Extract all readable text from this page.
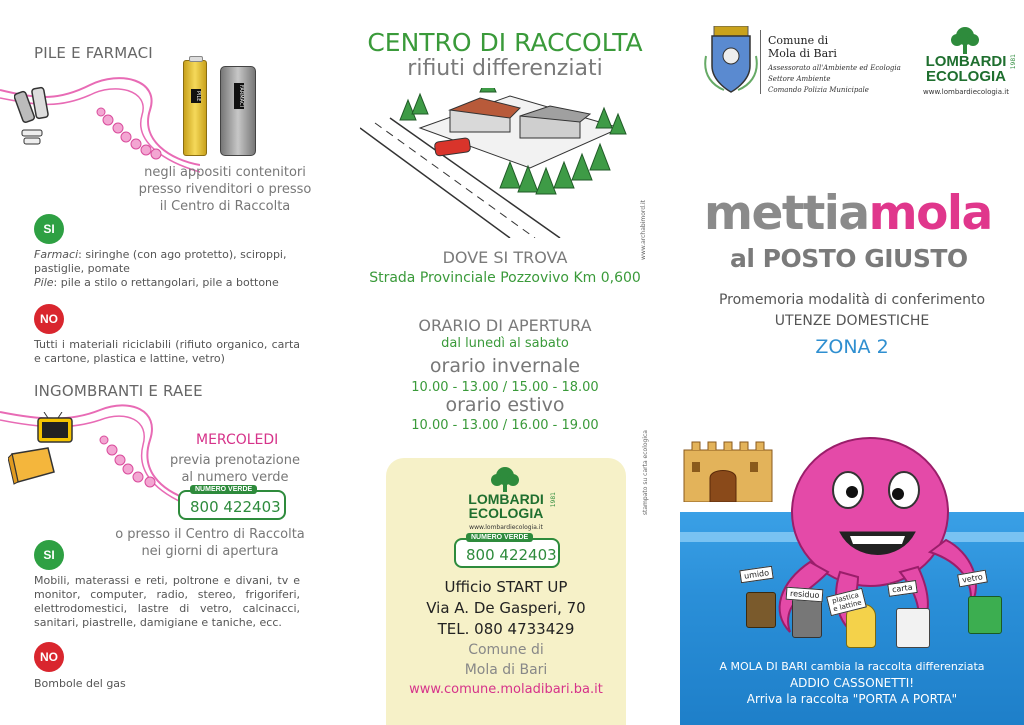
PILE E FARMACI
PILE	FARMACI
negli appositi contenitori
presso rivenditori o presso
il Centro di Raccolta
SI
Farmaci: siringhe (con ago protetto), sciroppi, pastiglie, pomate
Pile: pile a stilo o rettangolari, pile a bottone
NO
Tutti i materiali riciclabili (rifiuto organico, carta e cartone, plastica e lattine, vetro)
INGOMBRANTI E RAEE
MERCOLEDI
previa prenotazione
al numero verde
NUMERO VERDE
800 422403
o presso il Centro di Raccolta
nei giorni di apertura
SI
Mobili, materassi e reti, poltrone e divani, tv e monitor, computer, radio, stereo, frigoriferi, elettrodomestici, lastre di vetro, calcinacci, sanitari, piastrelle, damigiane e taniche, ecc.
NO
Bombole del gas
CENTRO DI RACCOLTA
rifiuti differenziati
www.archabimord.it
DOVE SI TROVA
Strada Provinciale Pozzovivo Km 0,600
ORARIO DI APERTURA
dal lunedì al sabato
orario invernale
10.00 - 13.00 / 15.00 - 18.00
orario estivo
10.00 - 13.00 / 16.00 - 19.00
stampato su carta ecologica
LOMBARDI
ECOLOGIA
1981
www.lombardiecologia.it
NUMERO VERDE
800 422403
Ufficio START UP
Via A. De Gasperi, 70
TEL. 080 4733429
Comune di
Mola di Bari
www.comune.moladibari.ba.it
Comune di
Mola di Bari
Assessorato all'Ambiente ed Ecologia
Settore Ambiente
Comando Polizia Municipale
LOMBARDI
ECOLOGIA
1981
www.lombardiecologia.it
mettiamola
al POSTO GIUSTO
Promemoria modalità di conferimento
UTENZE DOMESTICHE
ZONA 2
umido
residuo	plastica
e lattine
carta
vetro
A MOLA DI BARI cambia la raccolta differenziata
ADDIO CASSONETTI!
Arriva la raccolta "PORTA A PORTA"
